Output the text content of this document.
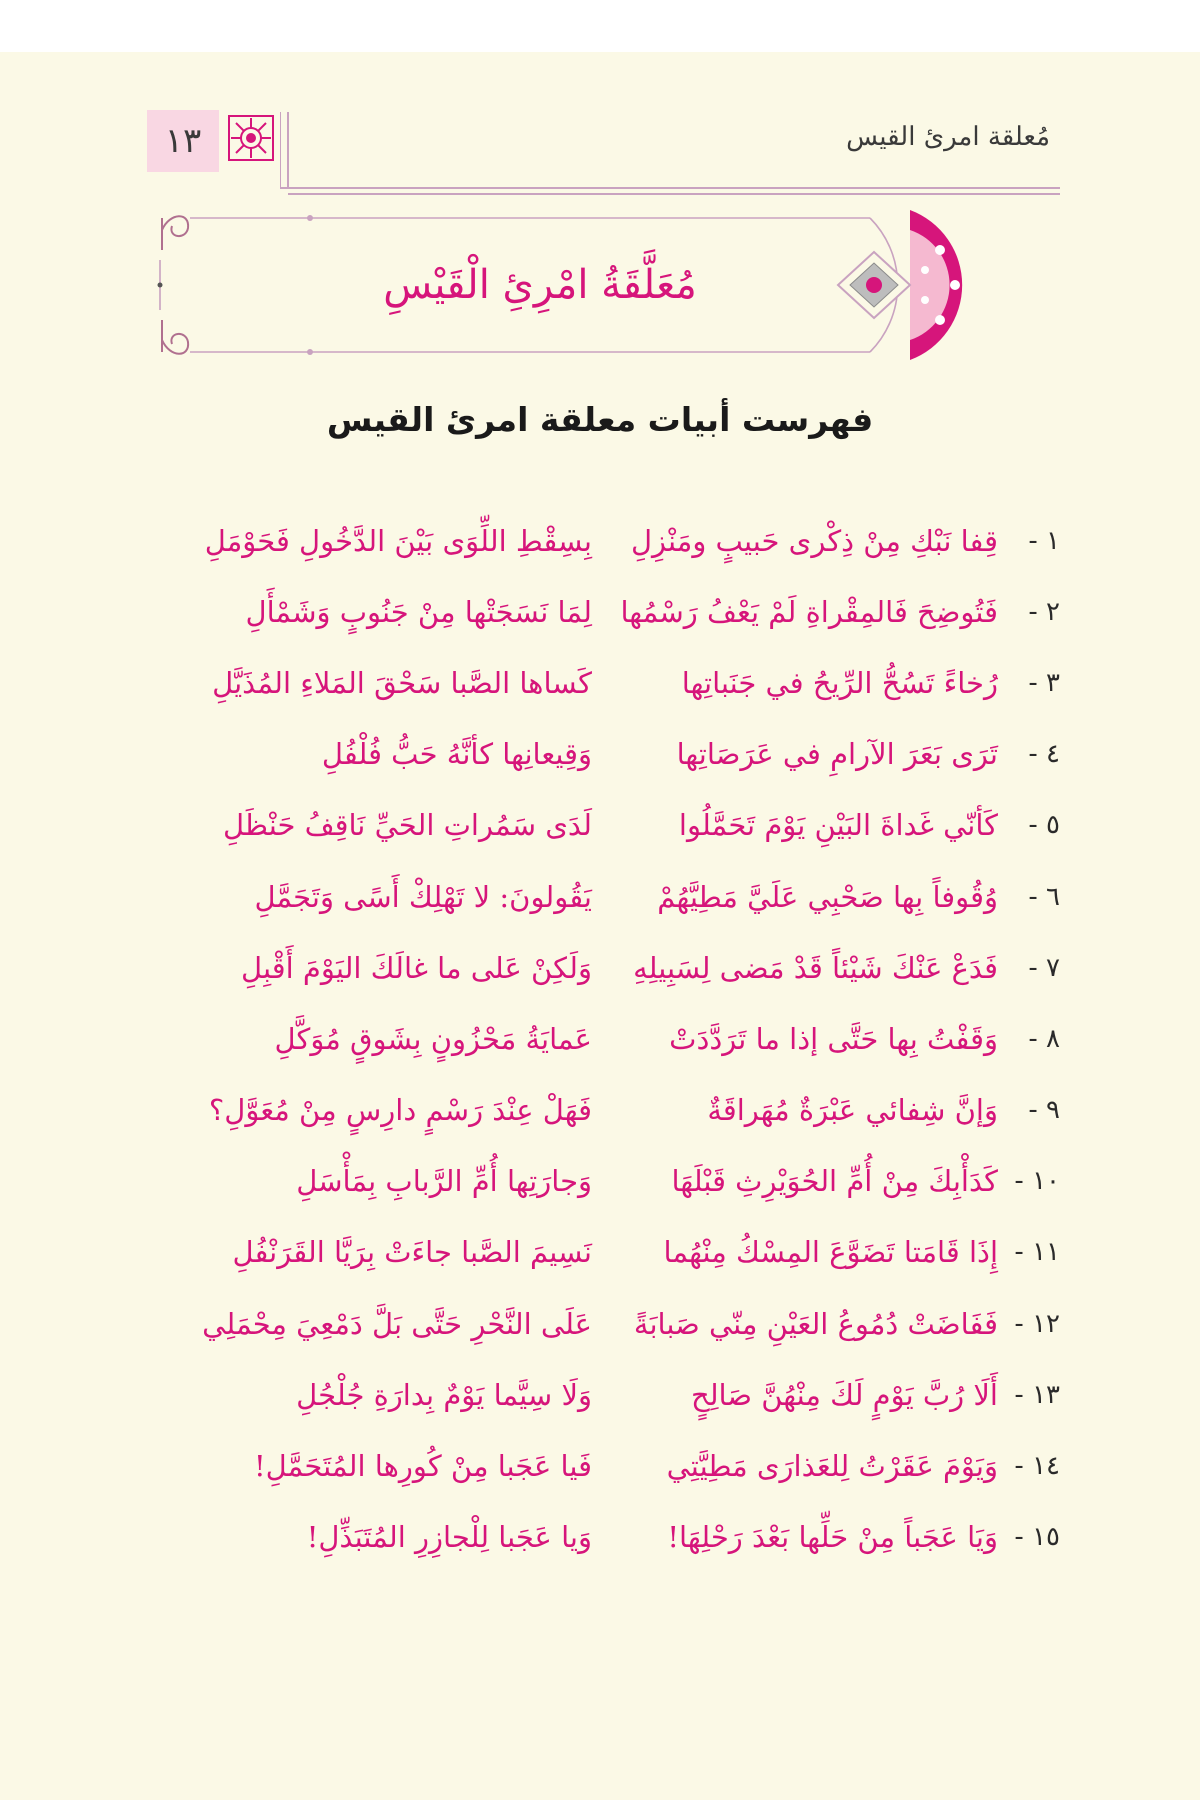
١٣	مُعلقة امرئ القيس
مُعَلَّقَةُ امْرِئِ الْقَيْسِ
فهرست أبيات معلقة امرئ القيس
١ -
قِفا نَبْكِ مِنْ ذِكْرى حَبيبٍ ومَنْزِلِ
بِسِقْطِ اللِّوَى بَيْنَ الدَّخُولِ فَحَوْمَلِ
٢ -
فَتُوضِحَ فَالمِقْراةِ لَمْ يَعْفُ رَسْمُها
لِمَا نَسَجَتْها مِنْ جَنُوبٍ وَشَمْأَلِ
٣ -
رُخاءً تَسُحُّ الرِّيحُ في جَنَباتِها
كَساها الصَّبا سَحْقَ المَلاءِ المُذَيَّلِ
٤ -
تَرَى بَعَرَ الآرامِ في عَرَصَاتِها
وَقِيعانِها كأنَّهُ حَبُّ فُلْفُلِ
٥ -
كَأنّي غَداةَ البَيْنِ يَوْمَ تَحَمَّلُوا
لَدَى سَمُراتِ الحَيِّ نَاقِفُ حَنْظَلِ
٦ -
وُقُوفاً بِها صَحْبِي عَلَيَّ مَطِيَّهُمْ
يَقُولونَ: لا تَهْلِكْ أَسًى وَتَجَمَّلِ
٧ -
فَدَعْ عَنْكَ شَيْئاً قَدْ مَضى لِسَبِيلِهِ
وَلَكِنْ عَلى ما غالَكَ اليَوْمَ أَقْبِلِ
٨ -
وَقَفْتُ بِها حَتَّى إذا ما تَرَدَّدَتْ
عَمايَةُ مَحْزُونٍ بِشَوقٍ مُوَكَّلِ
٩ -
وَإنَّ شِفائي عَبْرَةٌ مُهَراقَةٌ
فَهَلْ عِنْدَ رَسْمٍ دارِسٍ مِنْ مُعَوَّلِ؟
١٠ -
كَدَأْبِكَ مِنْ أُمِّ الحُوَيْرِثِ قَبْلَهَا
وَجارَتِها أُمِّ الرَّبابِ بِمَأْسَلِ
١١ -
إِذَا قَامَتا تَضَوَّعَ المِسْكُ مِنْهُما
نَسِيمَ الصَّبا جاءَتْ بِرَيَّا القَرَنْفُلِ
١٢ -
فَفَاضَتْ دُمُوعُ العَيْنِ مِنّي صَبابَةً
عَلَى النَّحْرِ حَتَّى بَلَّ دَمْعِيَ مِحْمَلِي
١٣ -
أَلَا رُبَّ يَوْمٍ لَكَ مِنْهُنَّ صَالِحٍ
وَلَا سِيَّما يَوْمٌ بِدارَةِ جُلْجُلِ
١٤ -
وَيَوْمَ عَقَرْتُ لِلعَذارَى مَطِيَّتِي
فَيا عَجَبا مِنْ كُورِها المُتَحَمَّلِ!
١٥ -
وَيَا عَجَباً مِنْ حَلِّها بَعْدَ رَحْلِهَا!
وَيا عَجَبا لِلْجازِرِ المُتَبَذِّلِ!
